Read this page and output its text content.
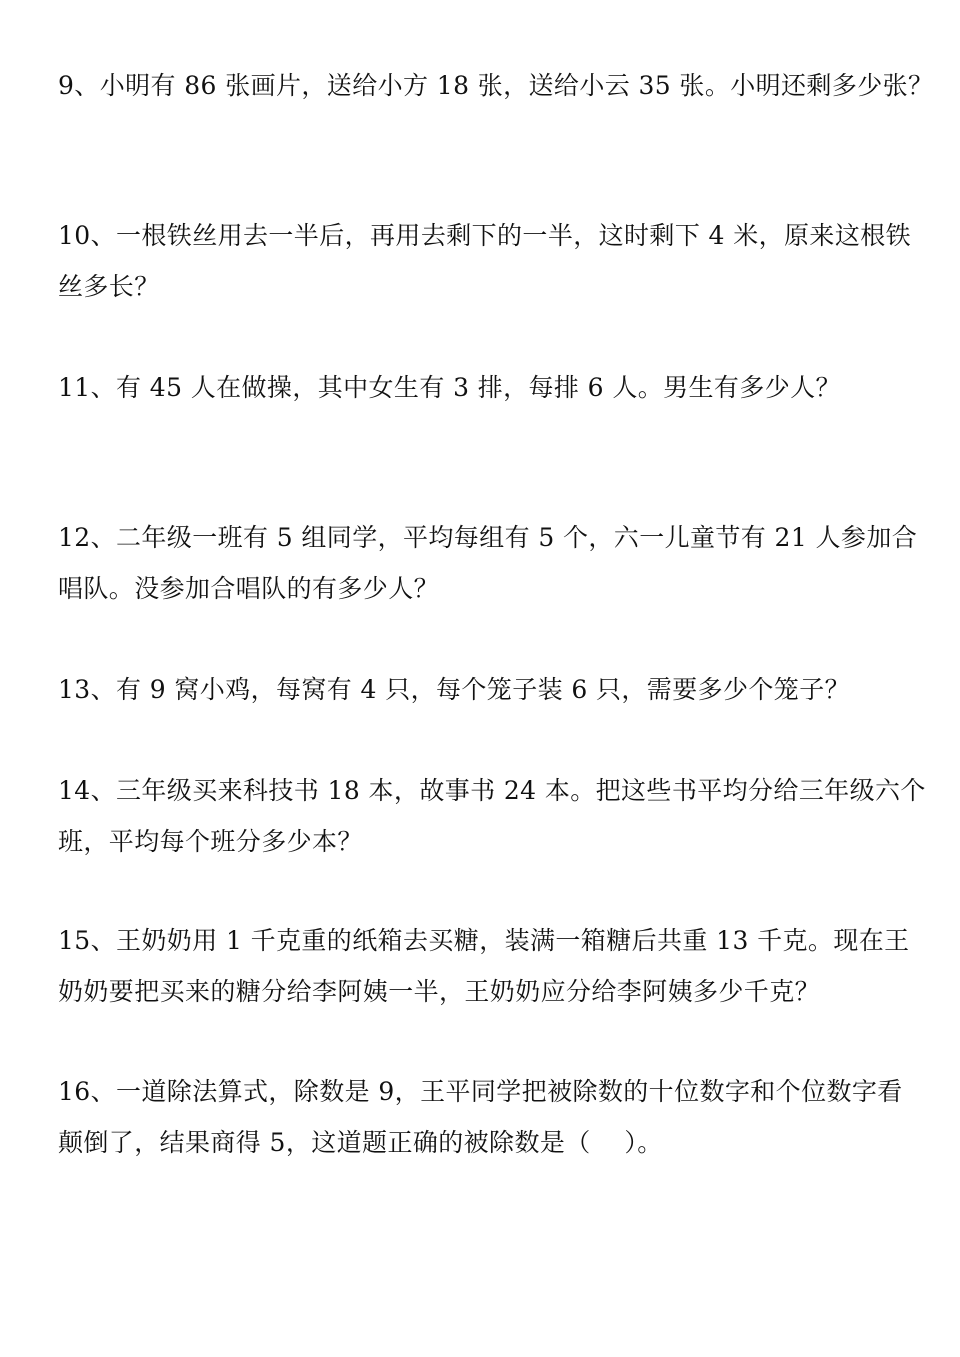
9、小明有 86 张画片，送给小方 18 张，送给小云 35 张。小明还剩多少张？
10、一根铁丝用去一半后，再用去剩下的一半，这时剩下 4 米，原来这根铁
丝多长？
11、有 45 人在做操，其中女生有 3 排，每排 6 人。男生有多少人？
12、二年级一班有 5 组同学，平均每组有 5 个，六一儿童节有 21 人参加合
唱队。没参加合唱队的有多少人？
13、有 9 窝小鸡，每窝有 4 只，每个笼子装 6 只，需要多少个笼子？
14、三年级买来科技书 18 本，故事书 24 本。把这些书平均分给三年级六个
班，平均每个班分多少本？
15、王奶奶用 1 千克重的纸箱去买糖，装满一箱糖后共重 13 千克。现在王
奶奶要把买来的糖分给李阿姨一半，王奶奶应分给李阿姨多少千克？
16、一道除法算式，除数是 9，王平同学把被除数的十位数字和个位数字看
颠倒了，结果商得 5，这道题正确的被除数是（　 ）。
